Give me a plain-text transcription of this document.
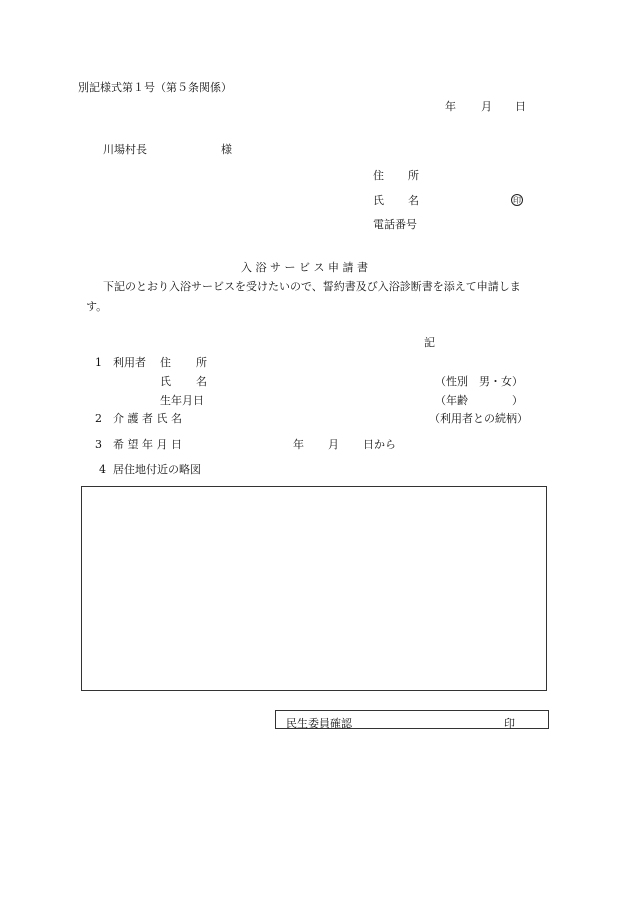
別記様式第１号（第５条関係）
年 月 日
川場村長	様
住 所
氏 名	印
電話番号
入 浴 サ ー ビ ス 申 請 書
下記のとおり入浴サービスを受けたいので、誓約書及び入浴診断書を添えて申請しま
す。
記
1 利用者 住 所
氏 名	（性別　男・女）
生年月日	（年齢　　　　）
2 介 護 者 氏 名	（利用者との続柄）
3 希 望 年 月 日	年 月 日から
4 居住地付近の略図
民生委員確認	印
